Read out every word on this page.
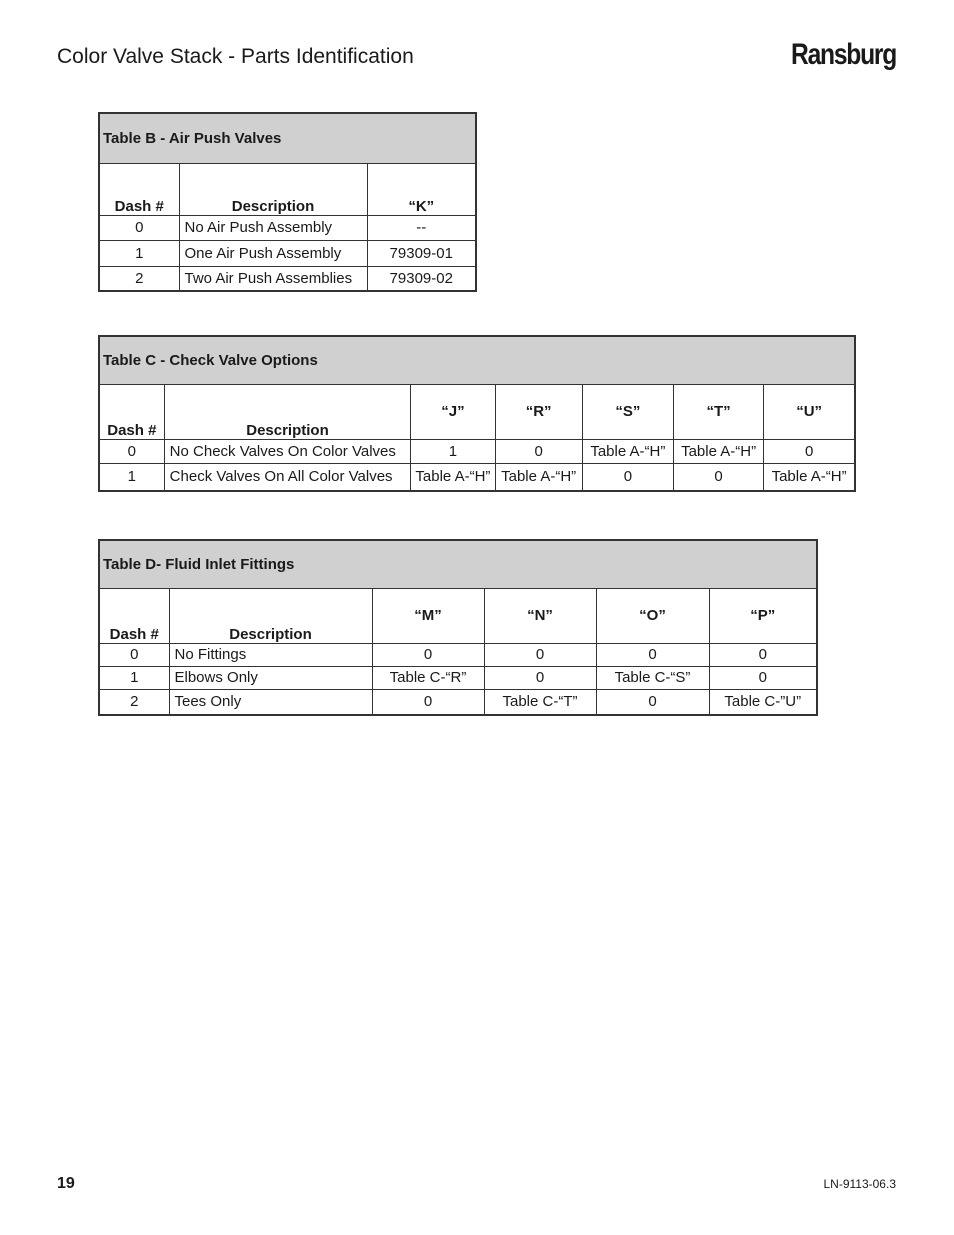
Color Valve Stack - Parts Identification	Ransburg
Table B - Air Push Valves		
Dash #	Description	“K”
0	No Air Push Assembly	--
1	One Air Push Assembly	79309-01
2	Two Air Push Assemblies	79309-02
Table C - Check Valve Options						
Dash #	Description	“J”	“R”	“S”	“T”	“U”
0	No Check Valves On Color Valves	1	0	Table A-“H”	Table A-“H”	0
1	Check Valves On All Color Valves	Table A-“H”	Table A-“H”	0	0	Table A-“H”
Table D- Fluid Inlet Fittings					
Dash #	Description	“M”	“N”	“O”	“P”
0	No Fittings	0	0	0	0
1	Elbows Only	Table C-“R”	0	Table C-“S”	0
2	Tees Only	0	Table C-“T”	0	Table C-”U”
19	LN-9113-06.3
